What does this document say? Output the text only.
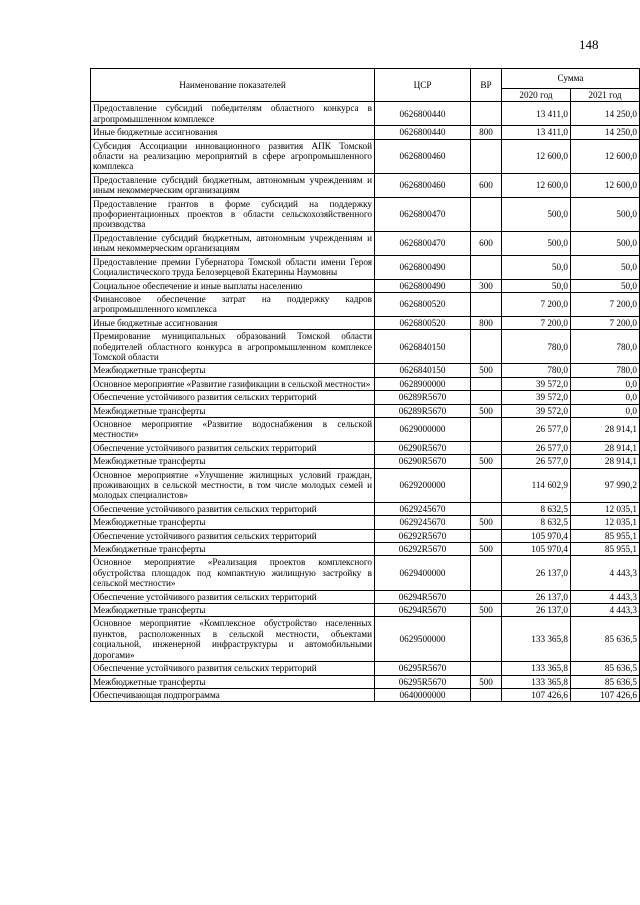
148
Наименование показателей	ЦСР	ВР	Сумма	
			2020 год	2021 год
Предоставление субсидий победителям областного конкурса в агропромышленном комплексе	0626800440		13 411,0	14 250,0
Иные бюджетные ассигнования	0626800440	800	13 411,0	14 250,0
Субсидия Ассоциации инновационного развития АПК Томской области на реализацию мероприятий в сфере агропромышленного комплекса	0626800460		12 600,0	12 600,0
Предоставление субсидий бюджетным, автономным учреждениям и иным некоммерческим организациям	0626800460	600	12 600,0	12 600,0
Предоставление грантов в форме субсидий на поддержку профориентационных проектов в области сельскохозяйственного производства	0626800470		500,0	500,0
Предоставление субсидий бюджетным, автономным учреждениям и иным некоммерческим организациям	0626800470	600	500,0	500,0
Предоставление премии Губернатора Томской области имени Героя Социалистического труда Белозерцевой Екатерины Наумовны	0626800490		50,0	50,0
Социальное обеспечение и иные выплаты населению	0626800490	300	50,0	50,0
Финансовое обеспечение затрат на поддержку кадров агропромышленного комплекса	0626800520		7 200,0	7 200,0
Иные бюджетные ассигнования	0626800520	800	7 200,0	7 200,0
Премирование муниципальных образований Томской области победителей областного конкурса в агропромышленном комплексе Томской области	0626840150		780,0	780,0
Межбюджетные трансферты	0626840150	500	780,0	780,0
Основное мероприятие «Развитие газификации в сельской местности»	0628900000		39 572,0	0,0
Обеспечение устойчивого развития сельских территорий	06289R5670		39 572,0	0,0
Межбюджетные трансферты	06289R5670	500	39 572,0	0,0
Основное мероприятие «Развитие водоснабжения в сельской местности»	0629000000		26 577,0	28 914,1
Обеспечение устойчивого развития сельских территорий	06290R5670		26 577,0	28 914,1
Межбюджетные трансферты	06290R5670	500	26 577,0	28 914,1
Основное мероприятие «Улучшение жилищных условий граждан, проживающих в сельской местности, в том числе молодых семей и молодых специалистов»	0629200000		114 602,9	97 990,2
Обеспечение устойчивого развития сельских территорий	0629245670		8 632,5	12 035,1
Межбюджетные трансферты	0629245670	500	8 632,5	12 035,1
Обеспечение устойчивого развития сельских территорий	06292R5670		105 970,4	85 955,1
Межбюджетные трансферты	06292R5670	500	105 970,4	85 955,1
Основное мероприятие «Реализация проектов комплексного обустройства площадок под компактную жилищную застройку в сельской местности»	0629400000		26 137,0	4 443,3
Обеспечение устойчивого развития сельских территорий	06294R5670		26 137,0	4 443,3
Межбюджетные трансферты	06294R5670	500	26 137,0	4 443,3
Основное мероприятие «Комплексное обустройство населенных пунктов, расположенных в сельской местности, объектами социальной, инженерной инфраструктуры и автомобильными дорогами»	0629500000		133 365,8	85 636,5
Обеспечение устойчивого развития сельских территорий	06295R5670		133 365,8	85 636,5
Межбюджетные трансферты	06295R5670	500	133 365,8	85 636,5
Обеспечивающая подпрограмма	0640000000		107 426,6	107 426,6
